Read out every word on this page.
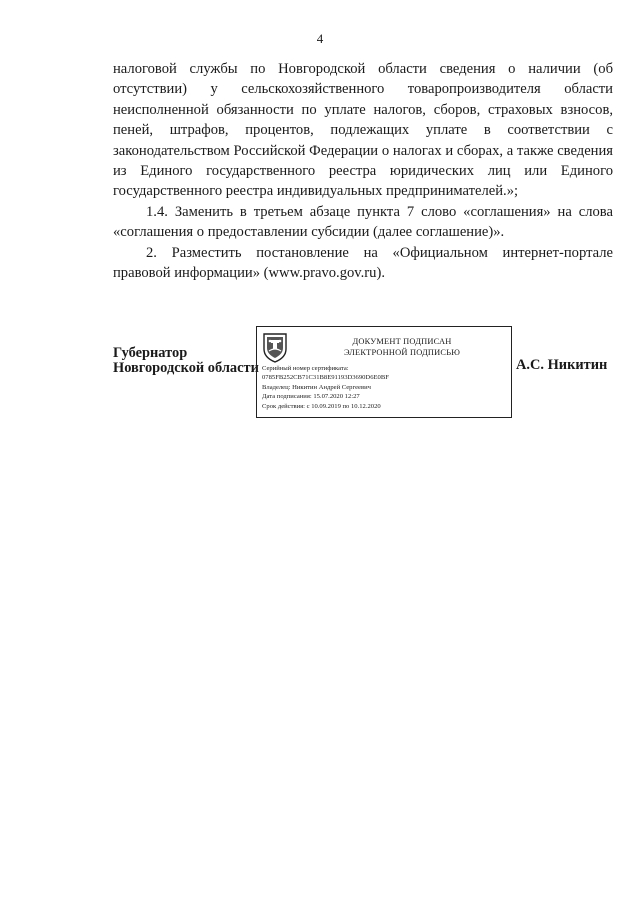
4

налоговой службы по Новгородской области сведения о наличии (об отсутствии) у сельскохозяйственного товаропроизводителя области неисполненной обязанности по уплате налогов, сборов, страховых взносов, пеней, штрафов, процентов, подлежащих уплате в соответствии с законодательством Российской Федерации о налогах и сборах, а также сведения из Единого государственного реестра юридических лиц или Единого государственного реестра индивидуальных предпринимателей.»;

1.4. Заменить в третьем абзаце пункта 7 слово «соглашения» на слова «соглашения о предоставлении субсидии (далее соглашение)».

2. Разместить постановление на «Официальном интернет-портале правовой информации» (www.pravo.gov.ru).

Губернатор
Новгородской области
ДОКУМЕНТ ПОДПИСАН
ЭЛЕКТРОННОЙ ПОДПИСЬЮ
Серийный номер сертификата:
0785FB252CB71C31B8E91193D3690D6E0BF
Владелец: Никитин Андрей Сергеевич
Дата подписания: 15.07.2020 12:27
Срок действия: с 10.09.2019 по 10.12.2020
А.С. Никитин
